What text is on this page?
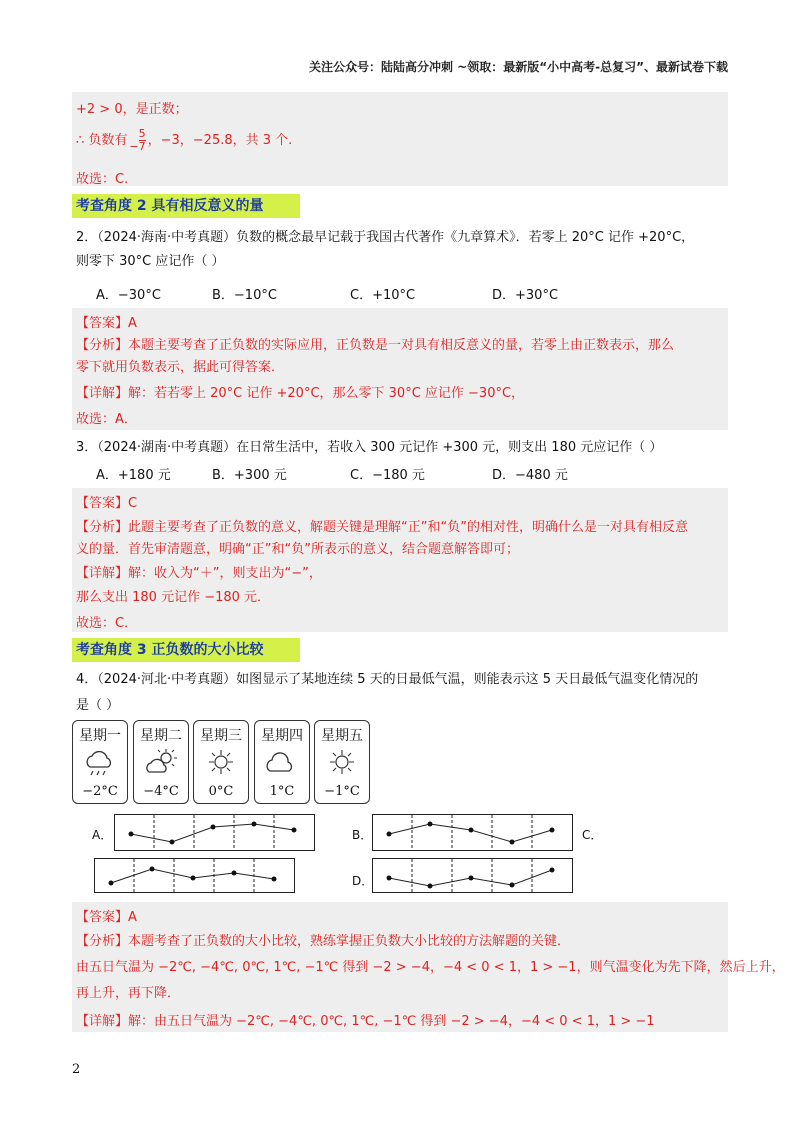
关注公众号：陆陆高分冲刺 ~领取：最新版“小中高考-总复习”、最新试卷下载
+2 > 0，是正数；
∴ 负数有 − $\frac{5}{7}$ ，−3，−25.8，共 3 个.
故选：C.
考查角度 2 具有相反意义的量
2．（2024·海南·中考真题）负数的概念最早记载于我国古代著作《九章算术》．若零上 20°C 记作 +20°C，
则零下 30°C 应记作（ ）
A．−30°C	B．−10°C	C．+10°C	D．+30°C
【答案】A
【分析】本题主要考查了正负数的实际应用，正负数是一对具有相反意义的量，若零上由正数表示，那么
零下就用负数表示，据此可得答案．
【详解】解：若若零上 20°C 记作 +20°C，那么零下 30°C 应记作 −30°C，
故选：A．
3．（2024·湖南·中考真题）在日常生活中，若收入 300 元记作 +300 元，则支出 180 元应记作（ ）
A．+180 元	B．+300 元	C．−180 元	D．−480 元
【答案】C
【分析】此题主要考查了正负数的意义，解题关键是理解“正”和“负”的相对性，明确什么是一对具有相反意
义的量．首先审清题意，明确“正”和“负”所表示的意义，结合题意解答即可；
【详解】解：收入为“＋”，则支出为“−”，
那么支出 180 元记作 −180 元．
故选：C．
考查角度 3 正负数的大小比较
4．（2024·河北·中考真题）如图显示了某地连续 5 天的日最低气温，则能表示这 5 天日最低气温变化情况的
是（ ）
星期一
−2°C
星期二
−4°C
星期三
0°C
星期四
1°C
星期五
−1°C
A．	B．	C．
D．
【答案】A
【分析】本题考查了正负数的大小比较，熟练掌握正负数大小比较的方法解题的关键．
由五日气温为 −2℃, −4℃, 0℃, 1℃, −1℃ 得到 −2 > −4，−4 < 0 < 1，1 > −1，则气温变化为先下降，然后上升，
再上升，再下降．
【详解】解：由五日气温为 −2℃, −4℃, 0℃, 1℃, −1℃ 得到 −2 > −4，−4 < 0 < 1，1 > −1
2
